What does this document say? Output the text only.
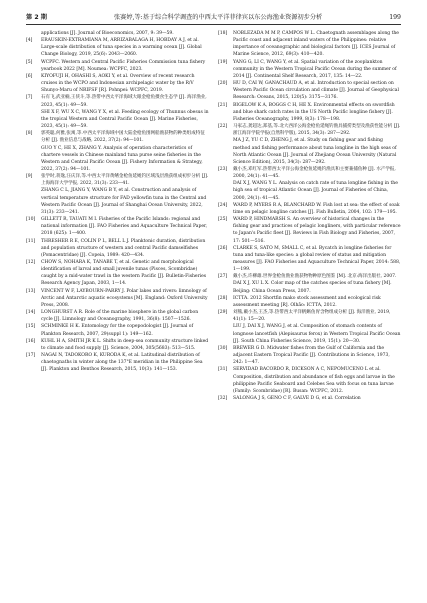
第 2 期	张赛婷,等:基于综合科学调查的中西太平洋菲律宾以东公海渔业资源初步分析	199
applications [J]. Journal of Bioeconomics, 2007, 9: 39—59.
[4]	ERAUSKIN-EXTRAMIANA M, ARRIZABALAGA H, HOBDAY A J, et al. Large-scale distribution of tuna species in a warming ocean [J]. Global Change Biology, 2019, 25(6): 2043—2060.
[5]	WCPFC. Western and Central Pacific Fisheries Commission tuna fishery yearbook 2022 [M]. Noumea: WCPFC, 2023.
[6]	KIYOFUJI H, OHASHI S, AOKI Y, et al. Overview of recent research cruises in the WCPO and Indonesian archipelagic water by the R/V Shunyo-Maru of NRIFSF [R]. Pohnpei: WCPFC, 2019.
[7]	石有飞,武亚楠,王侠斗,等.热带中西太平洋海域大眼金枪鱼摄食生态学 [J]. 海洋渔业, 2023, 45(1): 49—59.
SHI X F, WU X C, WANG Y X, et al. Feeding ecology of Thunnus obesus in the tropical Western and Central Pacific Ocean [J]. Marine Fisheries, 2023, 45(1): 49—59.
[8]	郭英聪,何雅,张寓,等.中西太平洋海域中国大陆金枪鱼围网船渔获物的种类组成特征分析 [J]. 渔业信息与战略, 2022, 37(2): 94—101.
GUO Y C, HE X, ZHANG Y. Analysis of operation characteristics of chartere vessels in Chinese mainland tuna purse seine fisheries in the Western and Central Pacific Ocean [J]. Fishery Information & Strategy, 2022, 37(2): 94—101.
[9]	张学时,蒋逸,汪庆洋,等.中西太平洋黄鳍金枪鱼延绳钓区域浅层渔获组成初步分析 [J]. 上海海洋大学学报, 2022, 31(3): 233—41.
ZHANG C L, JIANG Y, WANG B Y, et al. Construction and analysis of vertical temperature structure for FAD yellowfin tuna in the Central and Western Pacific Ocean [J]. Journal of Shanghai Ocean University, 2022, 31(3): 233—241.
[10]	GILLETT R, TAUATI M I. Fisheries of the Pacific Islands: regional and national information [J]. FAO Fisheries and Aquaculture Technical Paper, 2018 (625): 1—400.
[11]	THRESHER R E, COLIN P L, BELL L J. Planktonic duration, distribution and population structure of western and central Pacific damselfishes (Pomacentridae) [J]. Copeia, 1989: 420—434.
[12]	CHOW S, NOHARA K, TANABE T, et al. Genetic and morphological identification of larval and small juvenile tunas (Pisces, Scombridae) caught by a mid-water trawl in the western Pacific [J]. Bulletin-Fisheries Research Agency Japan, 2003, 1—14.
[13]	VINCENT W F, LAYBOURN-PARRY J. Polar lakes and rivers: limnology of Arctic and Antarctic aquatic ecosystems [M]. England: Oxford University Press, 2008.
[14]	LONGHURST A R. Role of the marine biosphere in the global carbon cycle [J]. Limnology and Oceanography, 1991, 36(8): 1507—1526.
[15]	SCHMINKE H K. Entomology for the copepodologist [J]. Journal of Plankton Research, 2007, 29(suppl 1): 149—162.
[16]	KUHL H A, SMITH JR K L. Shifts in deep-sea community structure linked to climate and food supply [J]. Science, 2004, 305(5683): 513—515.
[17]	NAGAI N, TADOKORO K, KURODA K, et al. Latitudinal distribution of chaetognaths in winter along the 137°E meridian in the Philippine Sea [J]. Plankton and Benthos Research, 2015, 10(3): 141—153.
[18]	NOBLEZADA M M P, CAMPOS W L. Chaetognath assemblages along the Pacific coast and adjacent inland waters of the Philippines: relative importance of oceanographic and biological factors [J]. ICES Journal of Marine Science, 2012, 69(3): 410—420.
[19]	YANG G, LI C, WANG Y, et al. Spatial variation of the zooplankton community in the Western Tropical Pacific Ocean during the summer of 2014 [J]. Continental Shelf Research, 2017, 135: 14—22.
[20]	HU D, CAI W, GANACHAUD A, et al. Introduction to special section on Western Pacific Ocean circulation and climate [J]. Journal of Geophysical Research: Oceans, 2015, 120(5): 3175—3176.
[21]	BIGELOW K A, BOGGS C H, HE X. Environmental effects on swordfish and blue shark catch rates in the US North Pacific longline fishery [J]. Fisheries Oceanography, 1999, 8(3): 178—198.
[22]	马家志,龚超达,郑基,等.北大西洋公海金枪鱼延绳钓渔具捕捞类型及渔获性能分析 [J]. 浙江海洋学院学报(自然科学版), 2015, 34(3): 287—292.
MA J Z, YU C D, ZHENG J, et al. Study on fishing gear and fishing method and fishing performance about tuna longline in the high seas of North Atlantic Ocean [J]. Journal of Zhejiang Ocean University (Natural Science Edition), 2015, 34(3): 287—292.
[23]	戴小杰,邓红军.热带西太平洋公海金枪鱼延绳钓渔具和主要兼捕鱼种 [J]. 水产学报, 2000, 24(1): 41—45.
DAI X J, WANG Y L. Analysis on catch rate of tuna longline fishing in the high sea of tropical Atlantic Ocean [J]. Journal of Fisheries of China, 2000, 24(1): 41—45.
[24]	WARD P, MYERS R A, BLANCHARD W. Fish lost at sea: the effect of soak time on pelagic longline catches [J]. Fish Bulletin, 2004, 102: 179—195.
[25]	WARD P, HINDMARSH S. An overview of historical changes in the fishing gear and practices of pelagic longliners, with particular reference to Japan's Pacific fleet [J]. Reviews in Fish Biology and Fisheries, 2007, 17: 501—516.
[26]	CLARKE S, SATO M, SMALL C, et al. Bycatch in longline fisheries for tuna and tuna-like species: a global review of status and mitigation measures [J]. FAO Fisheries and Aquaculture Technical Paper, 2014: 588, 1—199.
[27]	戴小杰,许柳雄.世界金枪鱼渔业渔获物物种原色图鉴 [M]. 北京:海洋出版社, 2007.
DAI X J, XU L X. Color map of the catches species of tuna fishery [M]. Beijing: China Ocean Press, 2007.
[28]	ICTTA. 2012 Shortfin mako stock assessment and ecological risk assessment meeting [R]. Olhão: ICTTA, 2012.
[29]	刘熊,戴小杰,王杰,等.热带西太平洋帆蜥鱼胃含物组成分析 [J]. 海洋渔业, 2019, 41(1): 15—20.
LIU J, DAI X J, WANG J, et al. Composition of stomach contents of longnose lancetfish (Alepisaurus ferox) in Western Tropical Pacific Ocean [J]. South China Fisheries Science, 2019, 15(1): 20—30.
[30]	BREWER G D. Midwater fishes from the Gulf of California and the adjacent Eastern Tropical Pacific [J]. Contributions in Science, 1973, 242: 1—47.
[31]	SERVIDAD BACORDO R, DICKSON A C, NEPOMUCENO L et al. Composition, distribution and abundance of fish eggs and larvae in the philippine Pacific Seaboard and Celebes Sea with focus on tuna larvae (Family: Scombridae) [R]. Busan: WCPFC, 2012.
[32]	SALONGA J S, GENO C F, GALVE D G, et al. Correlation
